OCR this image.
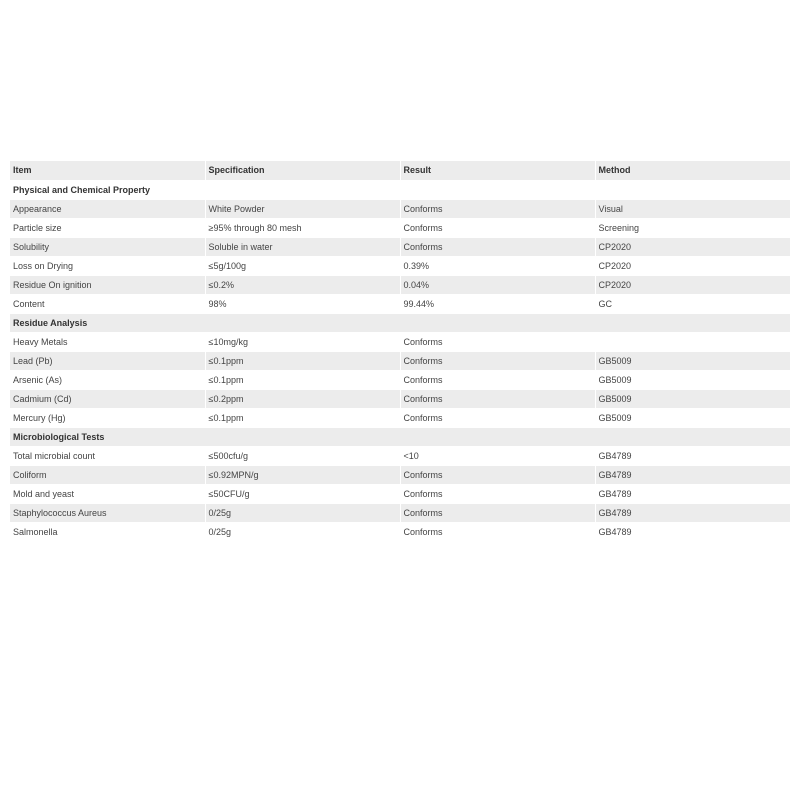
Item	Specification	Result	Method
Physical and Chemical Property			
Appearance	White Powder	Conforms	Visual
Particle size	≥95% through 80 mesh	Conforms	Screening
Solubility	Soluble in water	Conforms	CP2020
Loss on Drying	≤5g/100g	0.39%	CP2020
Residue On ignition	≤0.2%	0.04%	CP2020
Content	98%	99.44%	GC
Residue Analysis			
Heavy Metals	≤10mg/kg	Conforms	
Lead (Pb)	≤0.1ppm	Conforms	GB5009
Arsenic (As)	≤0.1ppm	Conforms	GB5009
Cadmium (Cd)	≤0.2ppm	Conforms	GB5009
Mercury (Hg)	≤0.1ppm	Conforms	GB5009
Microbiological Tests			
Total microbial count	≤500cfu/g	<10	GB4789
Coliform	≤0.92MPN/g	Conforms	GB4789
Mold and yeast	≤50CFU/g	Conforms	GB4789
Staphylococcus Aureus	0/25g	Conforms	GB4789
Salmonella	0/25g	Conforms	GB4789
